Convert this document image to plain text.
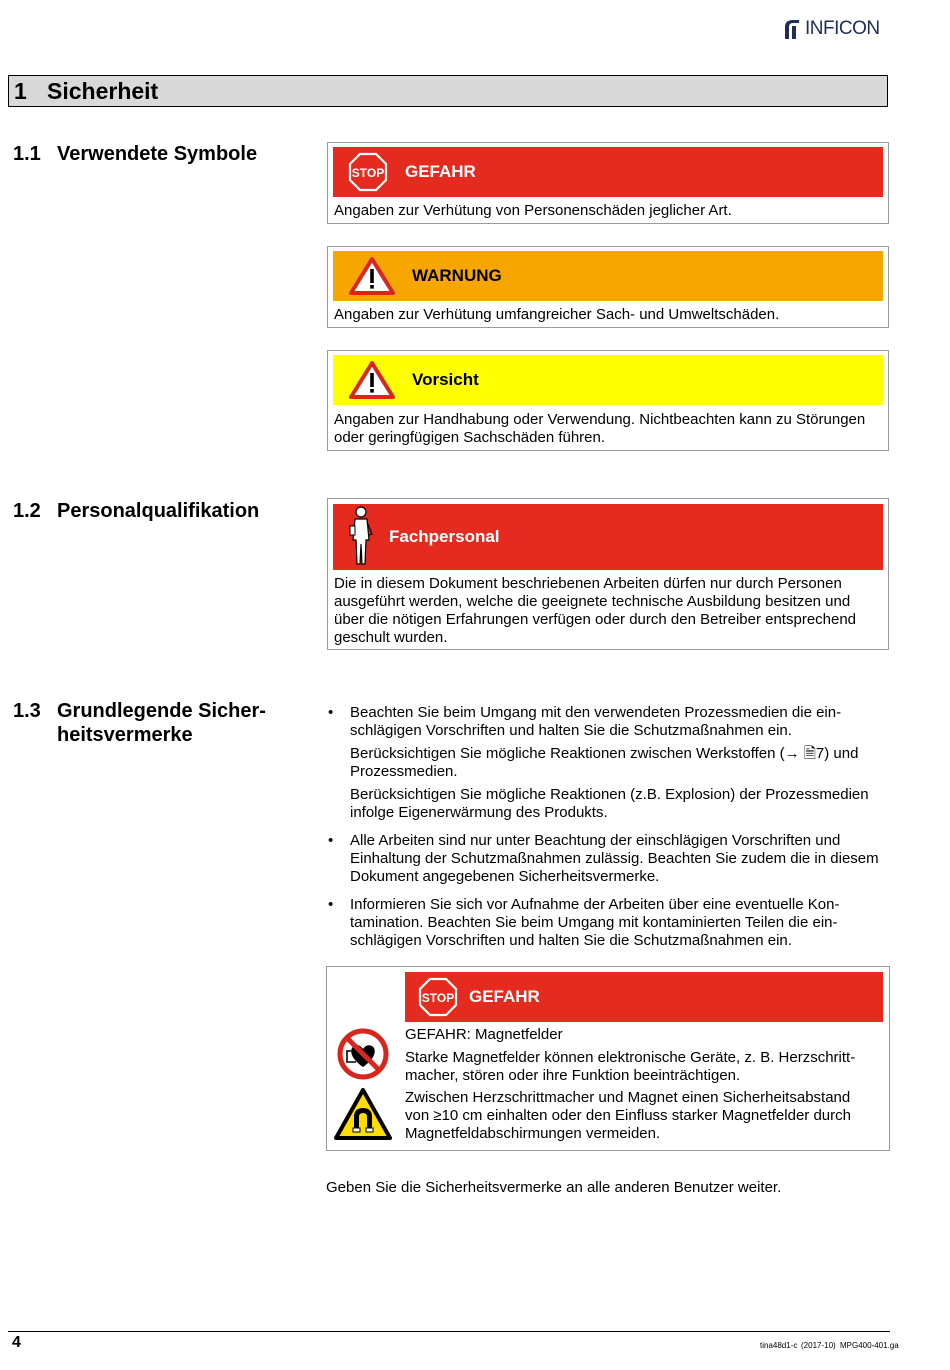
INFICON
1 Sicherheit
1.1 Verwendete Symbole
STOP GEFAHR
Angaben zur Verhütung von Personenschäden jeglicher Art.
WARNUNG
Angaben zur Verhütung umfangreicher Sach- und Umweltschäden.
Vorsicht

Angaben zur Handhabung oder Verwendung. Nichtbeachten kann zu Störungen

oder geringfügigen Sachschäden führen.

1.2 Personalqualifikation
Fachpersonal

Die in diesem Dokument beschriebenen Arbeiten dürfen nur durch Personen

ausgeführt werden, welche die geeignete technische Ausbildung besitzen und

über die nötigen Erfahrungen verfügen oder durch den Betreiber entsprechend

geschult wurden.

1.3 Grundlegende Sicher-
heitsvermerke
• Beachten Sie beim Umgang mit den verwendeten Prozessmedien die ein-
schlägigen Vorschriften und halten Sie die Schutzmaßnahmen ein.

Berücksichtigen Sie mögliche Reaktionen zwischen Werkstoffen (→ 🗎7) und
Prozessmedien.

Berücksichtigen Sie mögliche Reaktionen (z.B. Explosion) der Prozessmedien
infolge Eigenerwärmung des Produkts.

• Alle Arbeiten sind nur unter Beachtung der einschlägigen Vorschriften und
Einhaltung der Schutzmaßnahmen zulässig. Beachten Sie zudem die in diesem
Dokument angegebenen Sicherheitsvermerke.

• Informieren Sie sich vor Aufnahme der Arbeiten über eine eventuelle Kon-
tamination. Beachten Sie beim Umgang mit kontaminierten Teilen die ein-
schlägigen Vorschriften und halten Sie die Schutzmaßnahmen ein.

STOP GEFAHR

GEFAHR: Magnetfelder

Starke Magnetfelder können elektronische Geräte, z. B. Herzschritt-
macher, stören oder ihre Funktion beeinträchtigen.

Zwischen Herzschrittmacher und Magnet einen Sicherheitsabstand
von ≥10 cm einhalten oder den Einfluss starker Magnetfelder durch
Magnetfeldabschirmungen vermeiden.

Geben Sie die Sicherheitsvermerke an alle anderen Benutzer weiter.
4	tina48d1-c (2017-10) MPG400-401.ga
